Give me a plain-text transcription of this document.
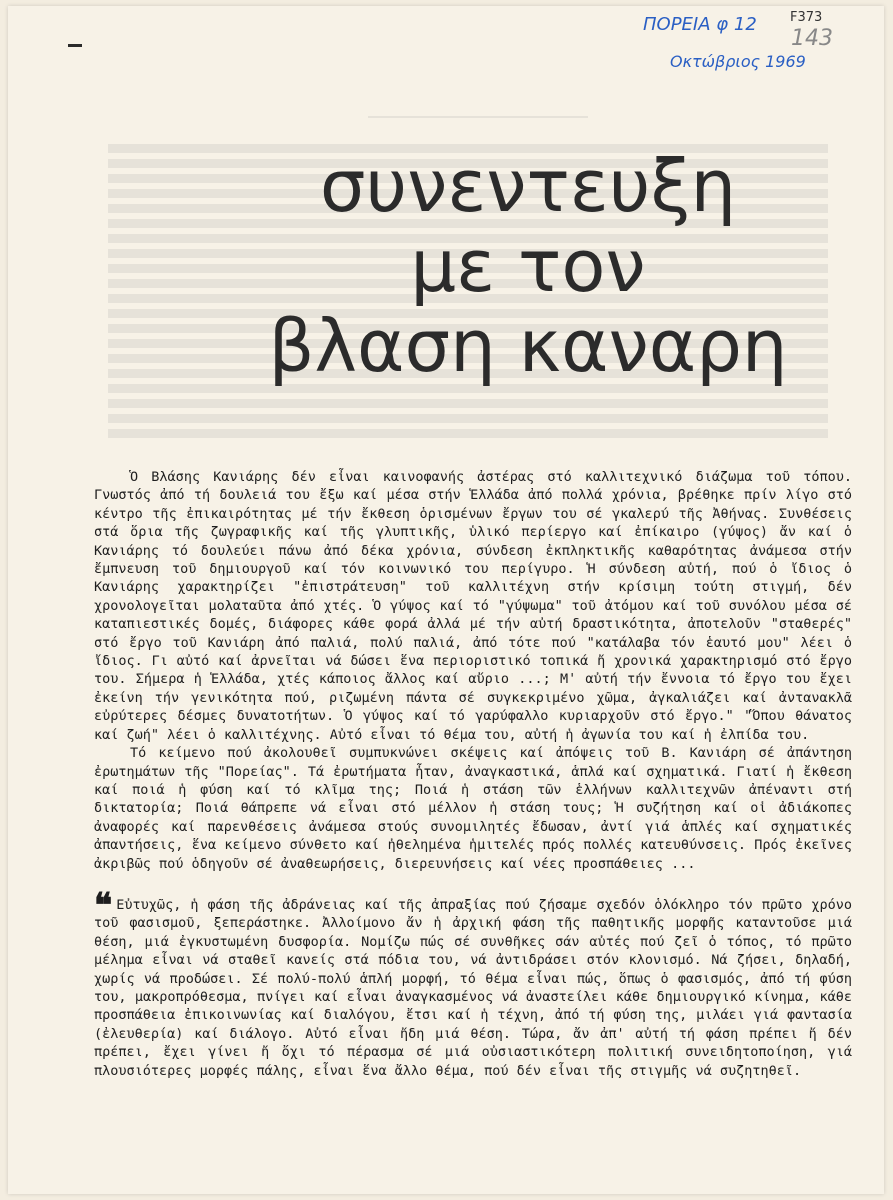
ΠΟΡΕΙΑ φ 12
Οκτώβριος 1969
F373
143
συνεντευξη
με τον
βλαση καναρη

Ὁ Βλάσης Κανιάρης δέν εἶναι καινοφανής ἀστέρας στό καλλιτεχνικό διάζωμα τοῦ τόπου. Γνωστός ἀπό τή δουλειά του ἔξω καί μέσα στήν Ἑλλάδα ἀπό πολλά χρόνια, βρέθηκε πρίν λίγο στό κέντρο τῆς ἐπικαιρότητας μέ τήν ἔκθεση ὁρισμένων ἔργων του σέ γκαλερύ τῆς Ἀθήνας. Συνθέσεις στά ὅρια τῆς ζωγραφικῆς καί τῆς γλυπτικῆς, ὑλικό περίεργο καί ἐπίκαιρο (γύψος) ἄν καί ὁ Κανιάρης τό δουλεύει πάνω ἀπό δέκα χρόνια, σύνδεση ἐκπληκτικῆς καθαρότητας ἀνάμεσα στήν ἔμπνευση τοῦ δημιουργοῦ καί τόν κοινωνικό του περίγυρο. Ἡ σύνδεση αὐτή, πού ὁ ἴδιος ὁ Κανιάρης χαρακτηρίζει "ἐπιστράτευση" τοῦ καλλιτέχνη στήν κρίσιμη τούτη στιγμή, δέν χρονολογεῖται μολαταῦτα ἀπό χτές. Ὁ γύψος καί τό "γύψωμα" τοῦ ἀτόμου καί τοῦ συνόλου μέσα σέ καταπιεστικές δομές, διάφορες κάθε φορά ἀλλά μέ τήν αὐτή δραστικότητα, ἀποτελοῦν "σταθερές" στό ἔργο τοῦ Κανιάρη ἀπό παλιά, πολύ παλιά, ἀπό τότε πού "κατάλαβα τόν ἑαυτό μου" λέει ὁ ἴδιος. Γι αὐτό καί ἀρνεῖται νά δώσει ἕνα περιοριστικό τοπικά ἤ χρονικά χαρακτηρισμό στό ἔργο του. Σήμερα ἡ Ἑλλάδα, χτές κάποιος ἄλλος καί αὔριο ...; Μ' αὐτή τήν ἔννοια τό ἔργο του ἔχει ἐκείνη τήν γενικότητα πού, ριζωμένη πάντα σέ συγκεκριμένο χῶμα, ἀγκαλιάζει καί ἀντανακλᾶ εὐρύτερες δέσμες δυνατοτήτων. Ὁ γύψος καί τό γαρύφαλλο κυριαρχοῦν στό ἔργο." "Ὅπου θάνατος καί ζωή" λέει ὁ καλλιτέχνης. Αὐτό εἶναι τό θέμα του, αὐτή ἡ ἀγωνία του καί ἡ ἐλπίδα του.

Τό κείμενο πού ἀκολουθεῖ συμπυκνώνει σκέψεις καί ἀπόψεις τοῦ Β. Κανιάρη σέ ἀπάντηση ἐρωτημάτων τῆς "Πορείας". Τά ἐρωτήματα ἦταν, ἀναγκαστικά, ἁπλά καί σχηματικά. Γιατί ἡ ἔκθεση καί ποιά ἡ φύση καί τό κλῖμα της; Ποιά ἡ στάση τῶν ἑλλήνων καλλιτεχνῶν ἀπέναντι στή δικτατορία; Ποιά θάπρεπε νά εἶναι στό μέλλον ἡ στάση τους; Ἡ συζήτηση καί οἱ ἀδιάκοπες ἀναφορές καί παρενθέσεις ἀνάμεσα στούς συνομιλητές ἔδωσαν, ἀντί γιά ἁπλές καί σχηματικές ἀπαντήσεις, ἕνα κείμενο σύνθετο καί ἠθελημένα ἡμιτελές πρός πολλές κατευθύνσεις. Πρός ἐκεῖνες ἀκριβῶς πού ὁδηγοῦν σέ ἀναθεωρήσεις, διερευνήσεις καί νέες προσπάθειες ...

❝ Εὐτυχῶς, ἡ φάση τῆς ἀδράνειας καί τῆς ἀπραξίας πού ζήσαμε σχεδόν ὁλόκληρο τόν πρῶτο χρόνο τοῦ φασισμοῦ, ξεπεράστηκε. Ἀλλοίμονο ἄν ἡ ἀρχική φάση τῆς παθητικῆς μορφῆς καταντοῦσε μιά θέση, μιά ἐγκυστωμένη δυσφορία. Νομίζω πώς σέ συνθῆκες σάν αὐτές πού ζεῖ ὁ τόπος, τό πρῶτο μέλημα εἶναι νά σταθεῖ κανείς στά πόδια του, νά ἀντιδράσει στόν κλονισμό. Νά ζήσει, δηλαδή, χωρίς νά προδώσει. Σέ πολύ-πολύ ἁπλή μορφή, τό θέμα εἶναι πώς, ὅπως ὁ φασισμός, ἀπό τή φύση του, μακροπρόθεσμα, πνίγει καί εἶναι ἀναγκασμένος νά ἀναστείλει κάθε δημιουργικό κίνημα, κάθε προσπάθεια ἐπικοινωνίας καί διαλόγου, ἔτσι καί ἡ τέχνη, ἀπό τή φύση της, μιλάει γιά φαντασία (ἐλευθερία) καί διάλογο. Αὐτό εἶναι ἤδη μιά θέση. Τώρα, ἄν ἀπ' αὐτή τή φάση πρέπει ἤ δέν πρέπει, ἔχει γίνει ἤ ὄχι τό πέρασμα σέ μιά οὐσιαστικότερη πολιτική συνειδητοποίηση, γιά πλουσιότερες μορφές πάλης, εἶναι ἕνα ἄλλο θέμα, πού δέν εἶναι τῆς στιγμῆς νά συζητηθεῖ.
